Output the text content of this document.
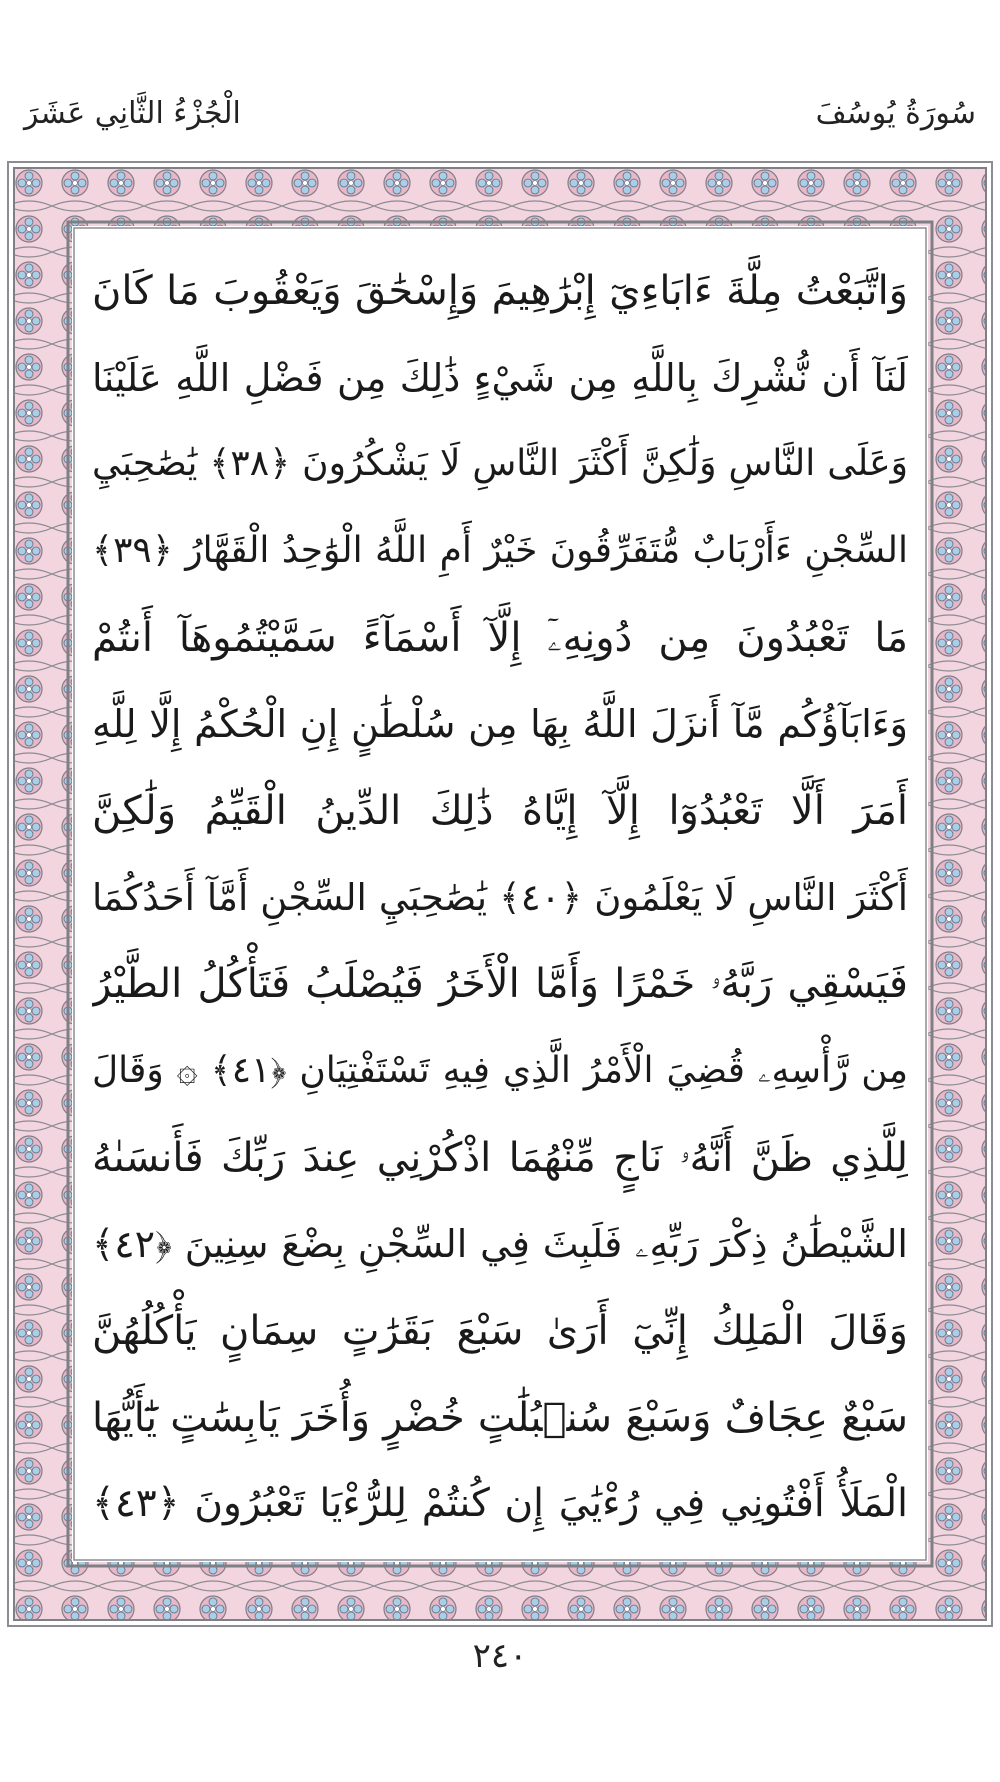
سُورَةُ يُوسُفَ
الْجُزْءُ الثَّانِي عَشَرَ
وَاتَّبَعْتُ مِلَّةَ ءَابَاءِيٓ إِبْرَٰهِيمَ وَإِسْحَٰقَ وَيَعْقُوبَ مَا كَانَ
لَنَآ أَن نُّشْرِكَ بِاللَّهِ مِن شَيْءٍ ذَٰلِكَ مِن فَضْلِ اللَّهِ عَلَيْنَا
وَعَلَى النَّاسِ وَلَٰكِنَّ أَكْثَرَ النَّاسِ لَا يَشْكُرُونَ ﴿٣٨﴾ يَٰصَٰحِبَيِ
السِّجْنِ ءَأَرْبَابٌ مُّتَفَرِّقُونَ خَيْرٌ أَمِ اللَّهُ الْوَٰحِدُ الْقَهَّارُ ﴿٣٩﴾
مَا تَعْبُدُونَ مِن دُونِهِۦٓ إِلَّآ أَسْمَآءً سَمَّيْتُمُوهَآ أَنتُمْ
وَءَابَآؤُكُم مَّآ أَنزَلَ اللَّهُ بِهَا مِن سُلْطَٰنٍ إِنِ الْحُكْمُ إِلَّا لِلَّهِ
أَمَرَ أَلَّا تَعْبُدُوٓا إِلَّآ إِيَّاهُ ذَٰلِكَ الدِّينُ الْقَيِّمُ وَلَٰكِنَّ
أَكْثَرَ النَّاسِ لَا يَعْلَمُونَ ﴿٤٠﴾ يَٰصَٰحِبَيِ السِّجْنِ أَمَّآ أَحَدُكُمَا
فَيَسْقِي رَبَّهُۥ خَمْرًا وَأَمَّا الْأَخَرُ فَيُصْلَبُ فَتَأْكُلُ الطَّيْرُ
مِن رَّأْسِهِۦ قُضِيَ الْأَمْرُ الَّذِي فِيهِ تَسْتَفْتِيَانِ ﴿٤١﴾ ۞ وَقَالَ
لِلَّذِي ظَنَّ أَنَّهُۥ نَاجٍ مِّنْهُمَا اذْكُرْنِي عِندَ رَبِّكَ فَأَنسَىٰهُ
الشَّيْطَٰنُ ذِكْرَ رَبِّهِۦ فَلَبِثَ فِي السِّجْنِ بِضْعَ سِنِينَ ﴿٤٢﴾
وَقَالَ الْمَلِكُ إِنِّيٓ أَرَىٰ سَبْعَ بَقَرَٰتٍ سِمَانٍ يَأْكُلُهُنَّ
سَبْعٌ عِجَافٌ وَسَبْعَ سُنۢبُلَٰتٍ خُضْرٍ وَأُخَرَ يَابِسَٰتٍ يَٰٓأَيُّهَا
الْمَلَأُ أَفْتُونِي فِي رُءْيَٰيَ إِن كُنتُمْ لِلرُّءْيَا تَعْبُرُونَ ﴿٤٣﴾
٢٤٠
